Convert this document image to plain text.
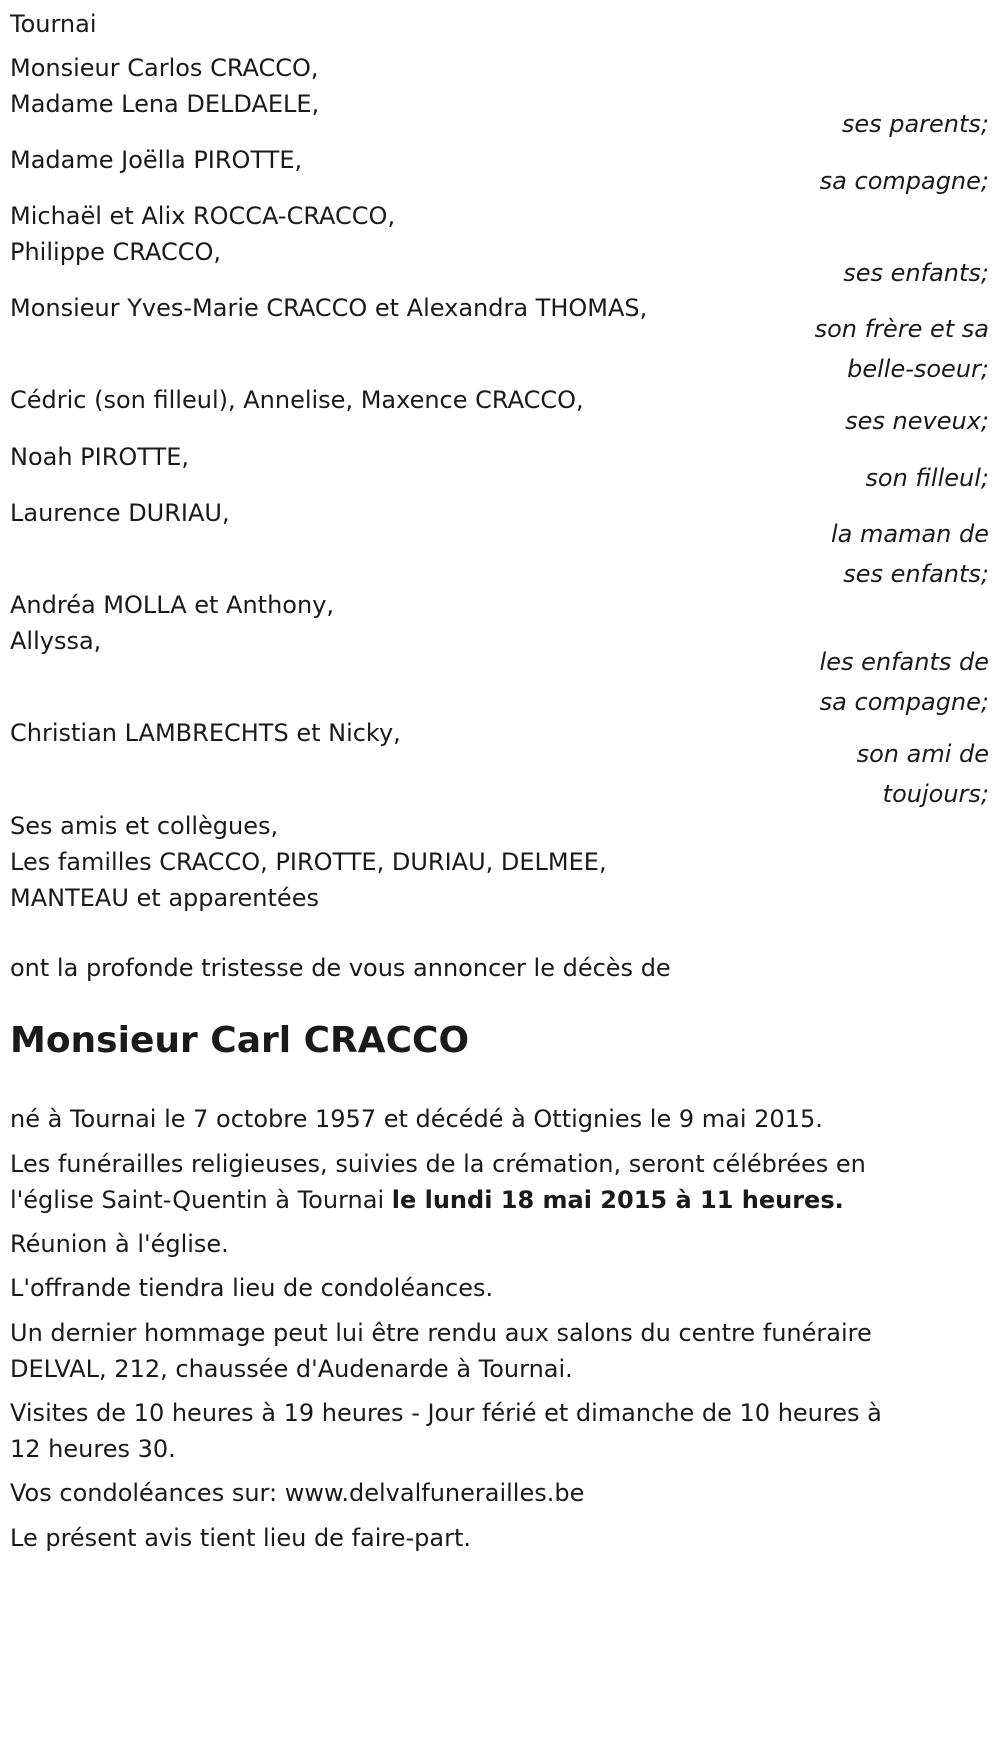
Tournai
Monsieur Carlos CRACCO,
Madame Lena DELDAELE,
ses parents;
Madame Joëlla PIROTTE,
sa compagne;
Michaël et Alix ROCCA-CRACCO,
Philippe CRACCO,
ses enfants;
Monsieur Yves-Marie CRACCO et Alexandra THOMAS,
son frère et sa belle-soeur;
Cédric (son filleul), Annelise, Maxence CRACCO,
ses neveux;
Noah PIROTTE,
son filleul;
Laurence DURIAU,
la maman de ses enfants;
Andréa MOLLA et Anthony,
Allyssa,
les enfants de sa compagne;
Christian LAMBRECHTS et Nicky,
son ami de toujours;
Ses amis et collègues,
Les familles CRACCO, PIROTTE, DURIAU, DELMEE,
MANTEAU et apparentées
ont la profonde tristesse de vous annoncer le décès de
Monsieur Carl CRACCO
né à Tournai le 7 octobre 1957 et décédé à Ottignies le 9 mai 2015.
Les funérailles religieuses, suivies de la crémation, seront célébrées en
l'église Saint-Quentin à Tournai le lundi 18 mai 2015 à 11 heures.
Réunion à l'église.
L'offrande tiendra lieu de condoléances.
Un dernier hommage peut lui être rendu aux salons du centre funéraire
DELVAL, 212, chaussée d'Audenarde à Tournai.
Visites de 10 heures à 19 heures - Jour férié et dimanche de 10 heures à
12 heures 30.
Vos condoléances sur: www.delvalfunerailles.be
Le présent avis tient lieu de faire-part.
